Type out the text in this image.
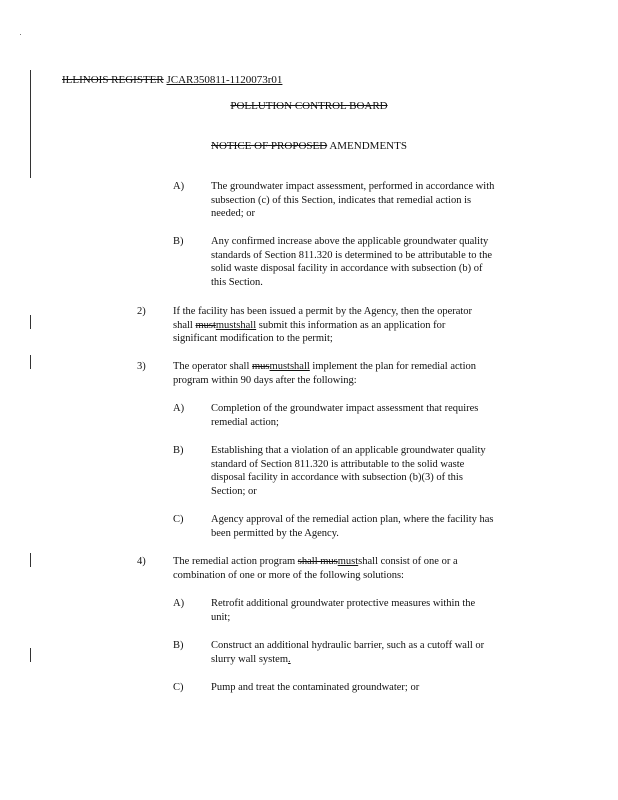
ILLINOIS REGISTER JCAR350811-1120073r01
POLLUTION CONTROL BOARD
NOTICE OF PROPOSED AMENDMENTS
A)	The groundwater impact assessment, performed in accordance with
subsection (c) of this Section, indicates that remedial action is
needed; or
B)	Any confirmed increase above the applicable groundwater quality
standards of Section 811.320 is determined to be attributable to the
solid waste disposal facility in accordance with subsection (b) of
this Section.
2)	If the facility has been issued a permit by the Agency, then the operator
shall mustmustshall submit this information as an application for
significant modification to the permit;
3)	The operator shall musmustshall implement the plan for remedial action
program within 90 days after the following:
A)	Completion of the groundwater impact assessment that requires
remedial action;
B)	Establishing that a violation of an applicable groundwater quality
standard of Section 811.320 is attributable to the solid waste
disposal facility in accordance with subsection (b)(3) of this
Section; or
C)	Agency approval of the remedial action plan, where the facility has
been permitted by the Agency.
4)	The remedial action program shall musmustshall consist of one or a
combination of one or more of the following solutions:
A)	Retrofit additional groundwater protective measures within the
unit;
B)	Construct an additional hydraulic barrier, such as a cutoff wall or
slurry wall system.
C)	Pump and treat the contaminated groundwater; or
